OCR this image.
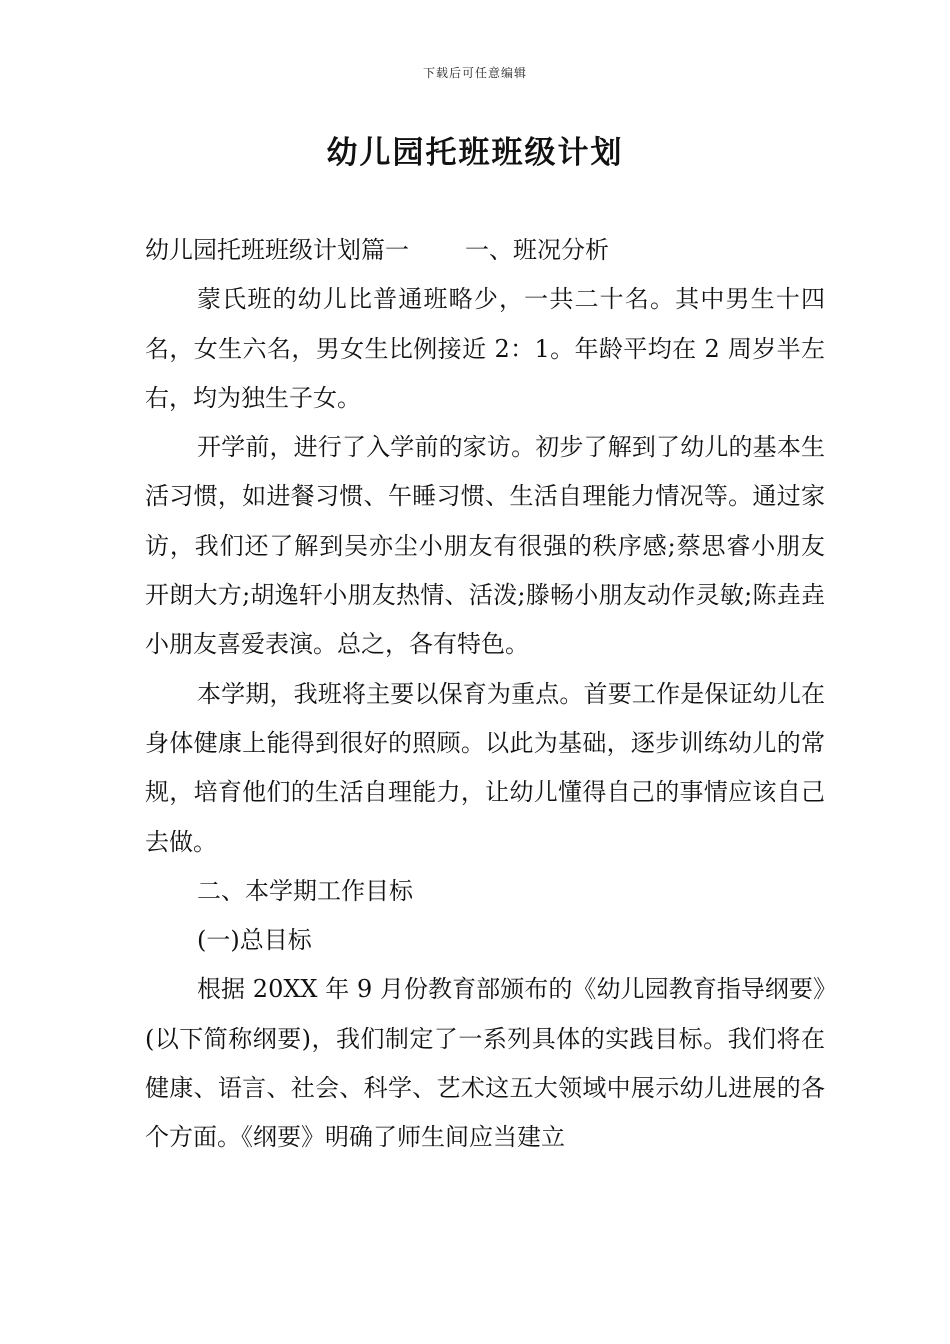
下载后可任意编辑
幼儿园托班班级计划

幼儿园托班班级计划篇一 一、班况分析

蒙氏班的幼儿比普通班略少，一共二十名。其中男生十四名，女生六名，男女生比例接近 2：1。年龄平均在 2 周岁半左右，均为独生子女。

开学前，进行了入学前的家访。初步了解到了幼儿的基本生活习惯，如进餐习惯、午睡习惯、生活自理能力情况等。通过家访，我们还了解到吴亦尘小朋友有很强的秩序感;蔡思睿小朋友开朗大方;胡逸轩小朋友热情、活泼;滕畅小朋友动作灵敏;陈垚垚小朋友喜爱表演。总之，各有特色。

本学期，我班将主要以保育为重点。首要工作是保证幼儿在身体健康上能得到很好的照顾。以此为基础，逐步训练幼儿的常规，培育他们的生活自理能力，让幼儿懂得自己的事情应该自己去做。

二、本学期工作目标

(一)总目标

根据 20XX 年 9 月份教育部颁布的《幼儿园教育指导纲要》(以下简称纲要)，我们制定了一系列具体的实践目标。我们将在健康、语言、社会、科学、艺术这五大领域中展示幼儿进展的各个方面。《纲要》明确了师生间应当建立
